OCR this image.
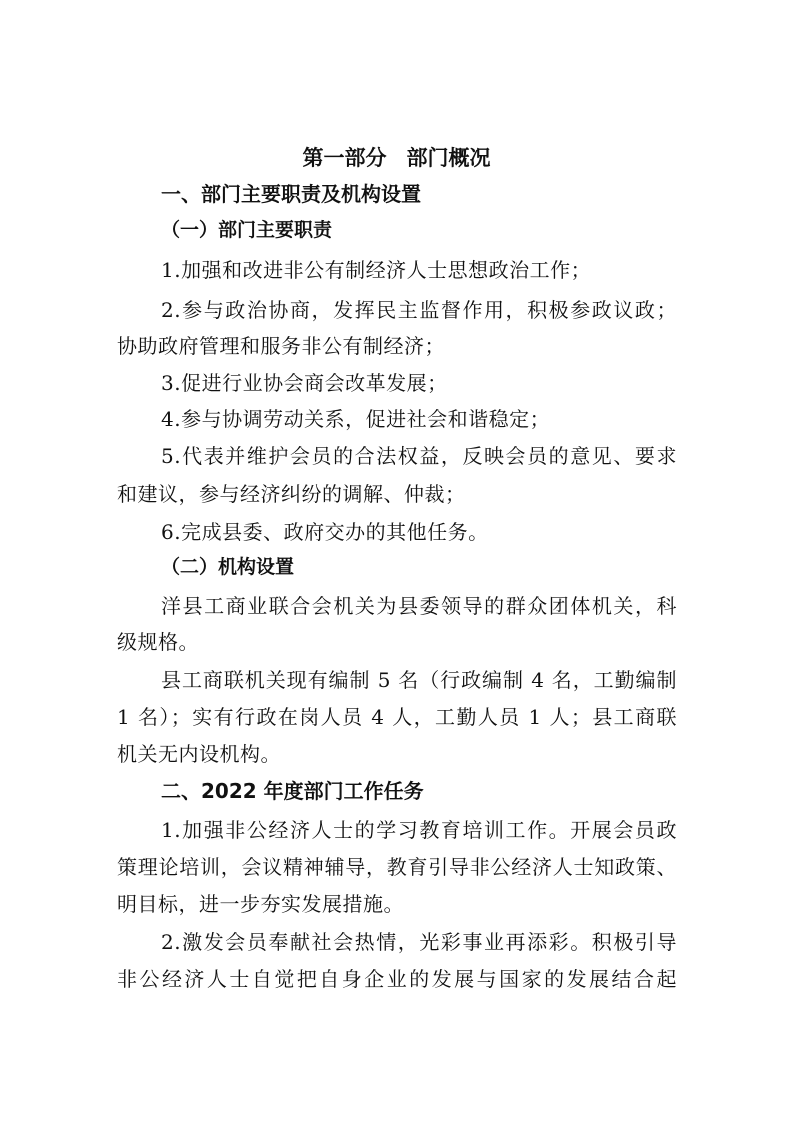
第一部分 部门概况
一、部门主要职责及机构设置
（一）部门主要职责
1.加强和改进非公有制经济人士思想政治工作；
2.参与政治协商，发挥民主监督作用，积极参政议政；
协助政府管理和服务非公有制经济；
3.促进行业协会商会改革发展；
4.参与协调劳动关系，促进社会和谐稳定；
5.代表并维护会员的合法权益，反映会员的意见、要求
和建议，参与经济纠纷的调解、仲裁；
6.完成县委、政府交办的其他任务。
（二）机构设置
洋县工商业联合会机关为县委领导的群众团体机关，科
级规格。
县工商联机关现有编制 5 名（行政编制 4 名，工勤编制
1 名）；实有行政在岗人员 4 人，工勤人员 1 人；县工商联
机关无内设机构。
二、2022 年度部门工作任务
1.加强非公经济人士的学习教育培训工作。开展会员政
策理论培训，会议精神辅导，教育引导非公经济人士知政策、
明目标，进一步夯实发展措施。
2.激发会员奉献社会热情，光彩事业再添彩。积极引导
非公经济人士自觉把自身企业的发展与国家的发展结合起
